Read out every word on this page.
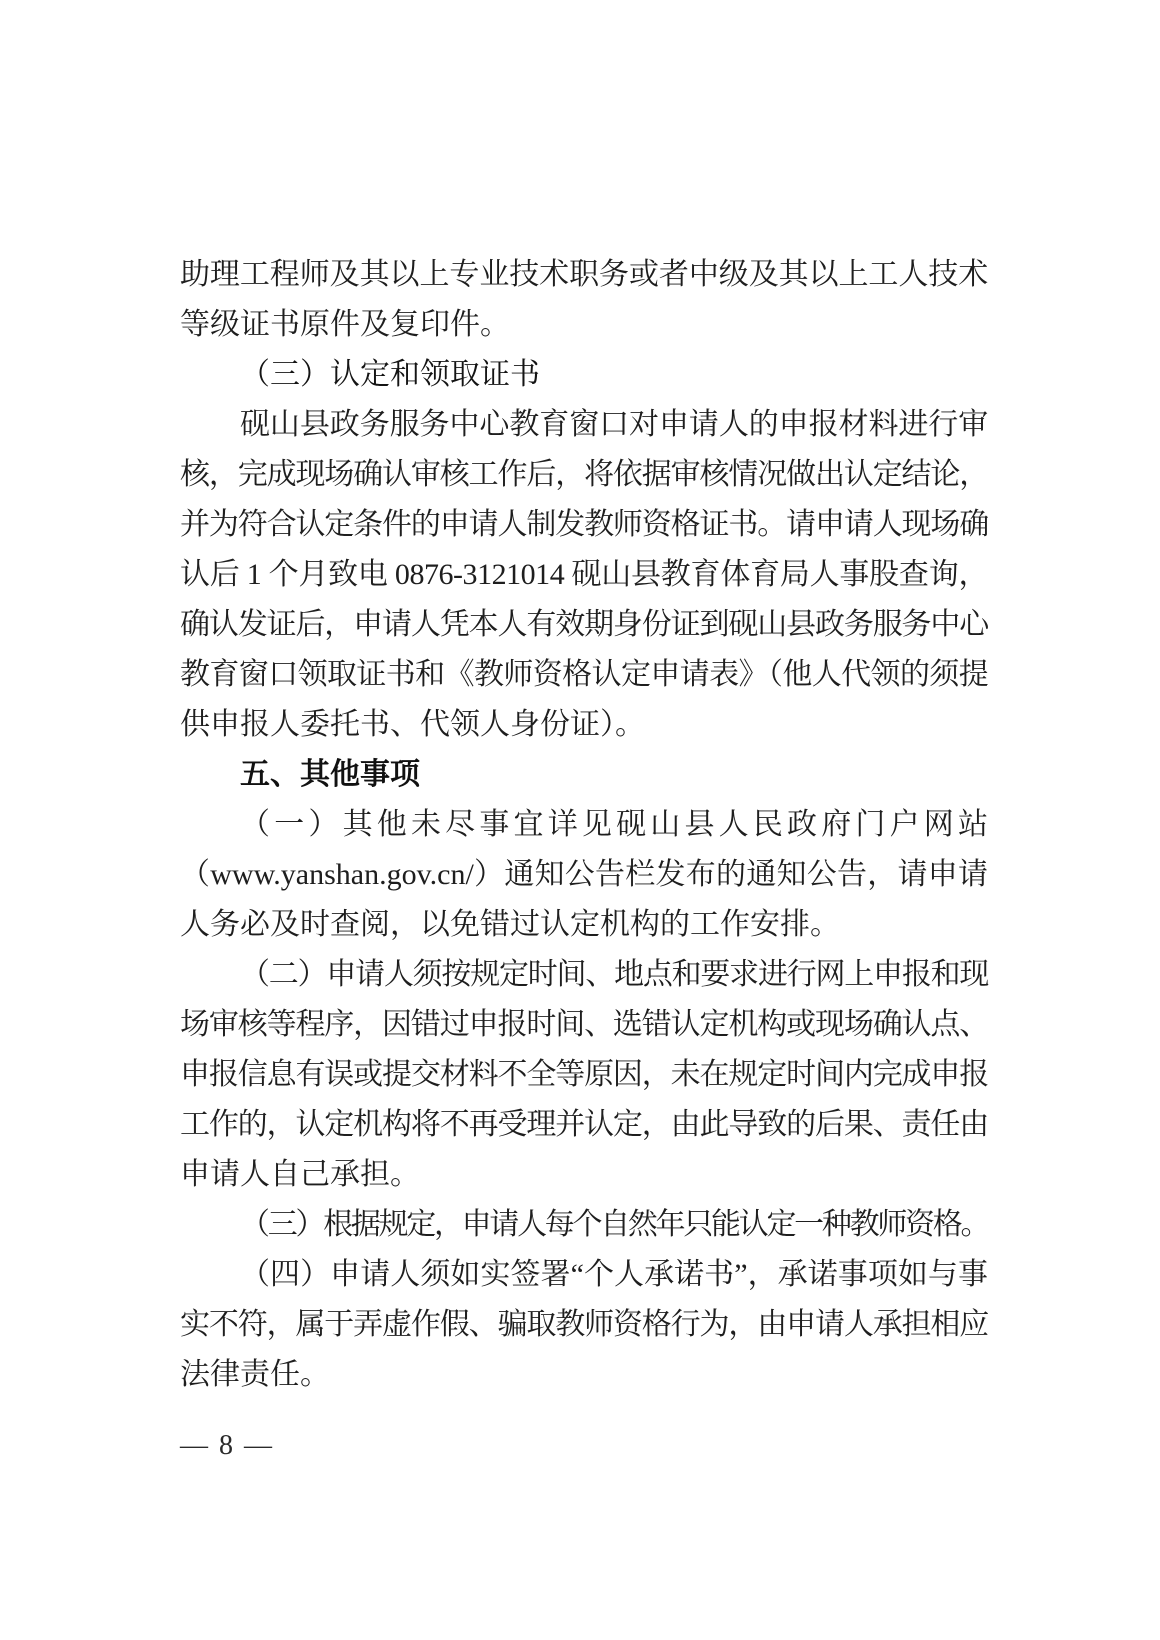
助理工程师及其以上专业技术职务或者中级及其以上工人技术
等级证书原件及复印件。
（三）认定和领取证书
砚山县政务服务中心教育窗口对申请人的申报材料进行审
核，完成现场确认审核工作后，将依据审核情况做出认定结论，
并为符合认定条件的申请人制发教师资格证书。请申请人现场确
认后 1 个月致电 0876-3121014 砚山县教育体育局人事股查询，
确认发证后，申请人凭本人有效期身份证到砚山县政务服务中心
教育窗口领取证书和《教师资格认定申请表》（他人代领的须提
供申报人委托书、代领人身份证）。
五、其他事项
（一）其他未尽事宜详见砚山县人民政府门户网站
（www.yanshan.gov.cn/）通知公告栏发布的通知公告，请申请
人务必及时查阅，以免错过认定机构的工作安排。
（二）申请人须按规定时间、地点和要求进行网上申报和现
场审核等程序，因错过申报时间、选错认定机构或现场确认点、
申报信息有误或提交材料不全等原因，未在规定时间内完成申报
工作的，认定机构将不再受理并认定，由此导致的后果、责任由
申请人自己承担。
（三）根据规定，申请人每个自然年只能认定一种教师资格。
（四）申请人须如实签署“个人承诺书”，承诺事项如与事
实不符，属于弄虚作假、骗取教师资格行为，由申请人承担相应
法律责任。
— 8 —
